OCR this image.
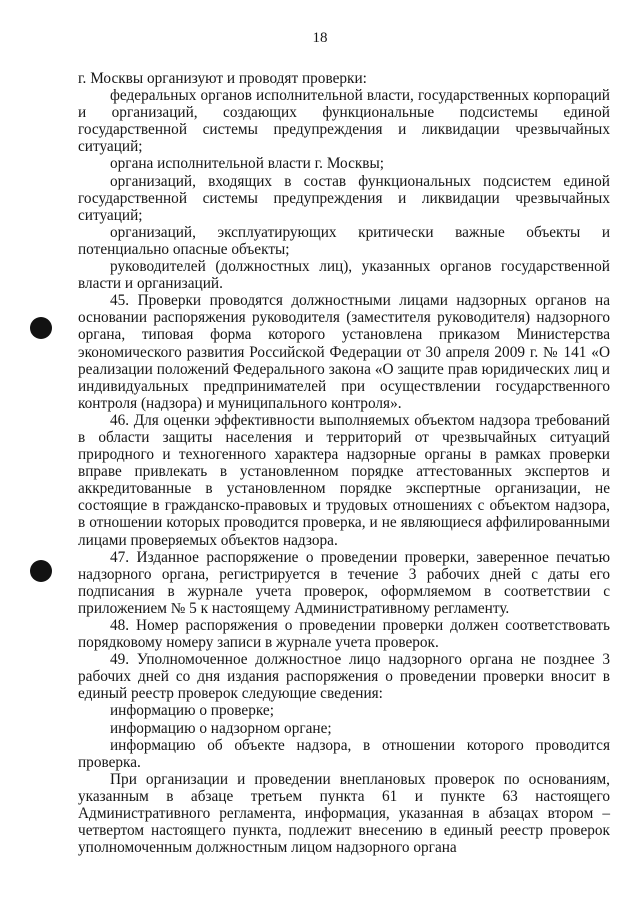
18

г. Москвы организуют и проводят проверки:

федеральных органов исполнительной власти, государственных корпораций и организаций, создающих функциональные подсистемы единой государственной системы предупреждения и ликвидации чрезвычайных ситуаций;

органа исполнительной власти г. Москвы;

организаций, входящих в состав функциональных подсистем единой государственной системы предупреждения и ликвидации чрезвычайных ситуаций;

организаций, эксплуатирующих критически важные объекты и потенциально опасные объекты;

руководителей (должностных лиц), указанных органов государственной власти и организаций.

45. Проверки проводятся должностными лицами надзорных органов на основании распоряжения руководителя (заместителя руководителя) надзорного органа, типовая форма которого установлена приказом Министерства экономического развития Российской Федерации от 30 апреля 2009 г. № 141 «О реализации положений Федерального закона «О защите прав юридических лиц и индивидуальных предпринимателей при осуществлении государственного контроля (надзора) и муниципального контроля».

46. Для оценки эффективности выполняемых объектом надзора требований в области защиты населения и территорий от чрезвычайных ситуаций природного и техногенного характера надзорные органы в рамках проверки вправе привлекать в установленном порядке аттестованных экспертов и аккредитованные в установленном порядке экспертные организации, не состоящие в гражданско-правовых и трудовых отношениях с объектом надзора, в отношении которых проводится проверка, и не являющиеся аффилированными лицами проверяемых объектов надзора.

47. Изданное распоряжение о проведении проверки, заверенное печатью надзорного органа, регистрируется в течение 3 рабочих дней с даты его подписания в журнале учета проверок, оформляемом в соответствии с приложением № 5 к настоящему Административному регламенту.

48. Номер распоряжения о проведении проверки должен соответствовать порядковому номеру записи в журнале учета проверок.

49. Уполномоченное должностное лицо надзорного органа не позднее 3 рабочих дней со дня издания распоряжения о проведении проверки вносит в единый реестр проверок следующие сведения:

информацию о проверке;

информацию о надзорном органе;

информацию об объекте надзора, в отношении которого проводится проверка.

При организации и проведении внеплановых проверок по основаниям, указанным в абзаце третьем пункта 61 и пункте 63 настоящего Административного регламента, информация, указанная в абзацах втором – четвертом настоящего пункта, подлежит внесению в единый реестр проверок уполномоченным должностным лицом надзорного органа
